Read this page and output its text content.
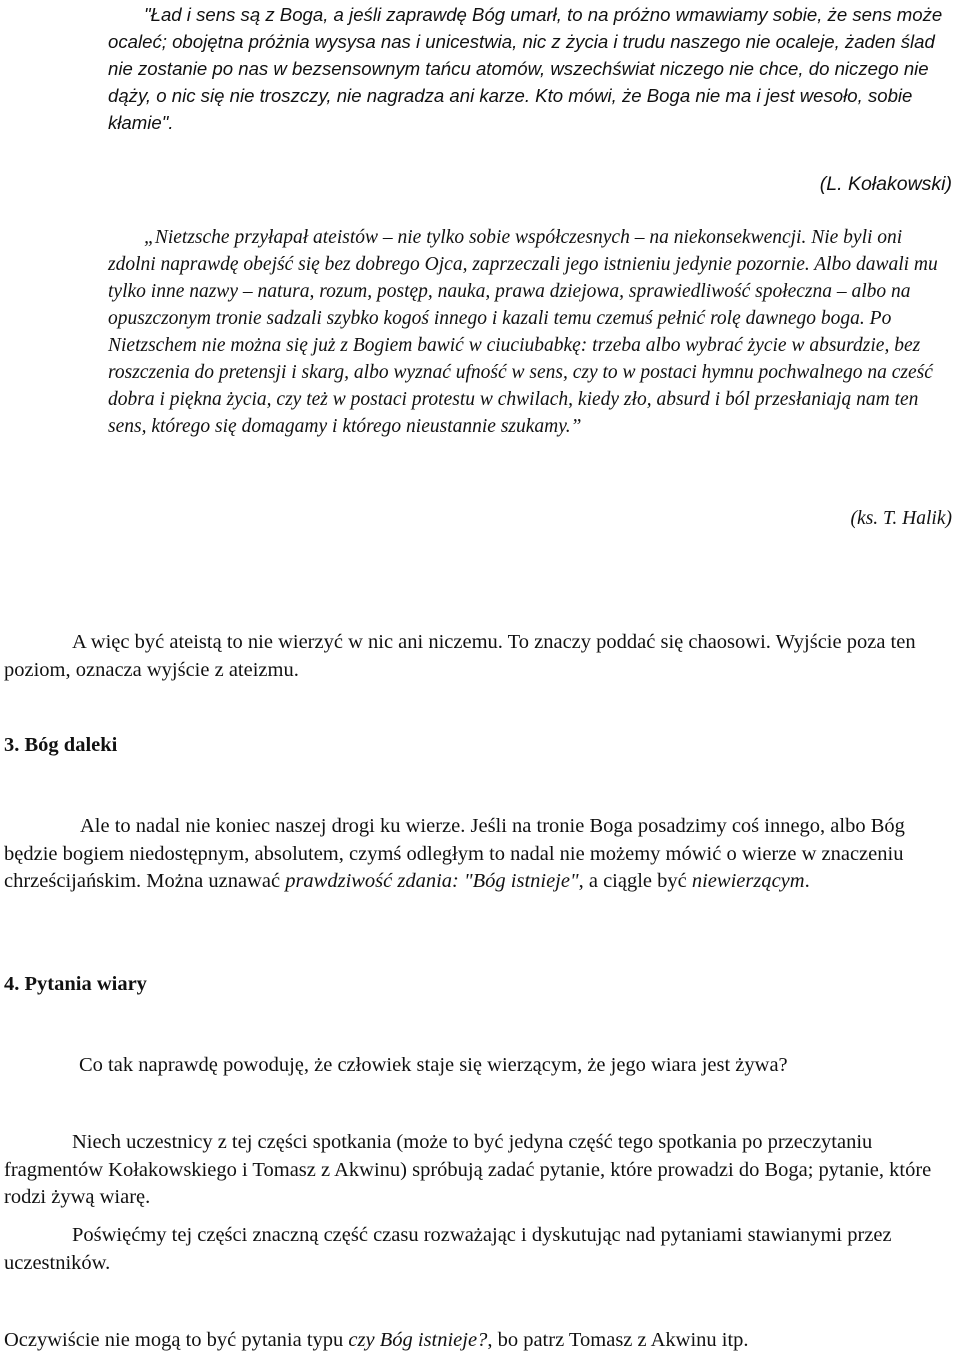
"Ład i sens są z Boga, a jeśli zaprawdę Bóg umarł, to na próżno wmawiamy sobie, że sens może ocaleć; obojętna próżnia wysysa nas i unicestwia, nic z życia i trudu naszego nie ocaleje, żaden ślad nie zostanie po nas w bezsensownym tańcu atomów, wszechświat niczego nie chce, do niczego nie dąży, o nic się nie troszczy, nie nagradza ani karze. Kto mówi, że Boga nie ma i jest wesoło, sobie kłamie".

(L. Kołakowski)

„Nietzsche przyłapał ateistów – nie tylko sobie współczesnych – na niekonsekwencji. Nie byli oni zdolni naprawdę obejść się bez dobrego Ojca, zaprzeczali jego istnieniu jedynie pozornie. Albo dawali mu tylko inne nazwy – natura, rozum, postęp, nauka, prawa dziejowa, sprawiedliwość społeczna – albo na opuszczonym tronie sadzali szybko kogoś innego i kazali temu czemuś pełnić rolę dawnego boga. Po Nietzschem nie można się już z Bogiem bawić w ciuciubabkę: trzeba albo wybrać życie w absurdzie, bez roszczenia do pretensji i skarg, albo wyznać ufność w sens, czy to w postaci hymnu pochwalnego na cześć dobra i piękna życia, czy też w postaci protestu w chwilach, kiedy zło, absurd i ból przesłaniają nam ten sens, którego się domagamy i którego nieustannie szukamy.”

(ks. T. Halik)

A więc być ateistą to nie wierzyć w nic ani niczemu. To znaczy poddać się chaosowi. Wyjście poza ten poziom, oznacza wyjście z ateizmu.

3. Bóg daleki

Ale to nadal nie koniec naszej drogi ku wierze. Jeśli na tronie Boga posadzimy coś innego, albo Bóg będzie bogiem niedostępnym, absolutem, czymś odległym to nadal nie możemy mówić o wierze w znaczeniu chrześcijańskim. Można uznawać prawdziwość zdania: "Bóg istnieje", a ciągle być niewierzącym.

4. Pytania wiary

Co tak naprawdę powoduję, że człowiek staje się wierzącym, że jego wiara jest żywa?

Niech uczestnicy z tej części spotkania (może to być jedyna część tego spotkania po przeczytaniu fragmentów Kołakowskiego i Tomasz z Akwinu) spróbują zadać pytanie, które prowadzi do Boga; pytanie, które rodzi żywą wiarę.

Poświęćmy tej części znaczną część czasu rozważając i dyskutując nad pytaniami stawianymi przez uczestników.

Oczywiście nie mogą to być pytania typu czy Bóg istnieje?, bo patrz Tomasz z Akwinu itp.
